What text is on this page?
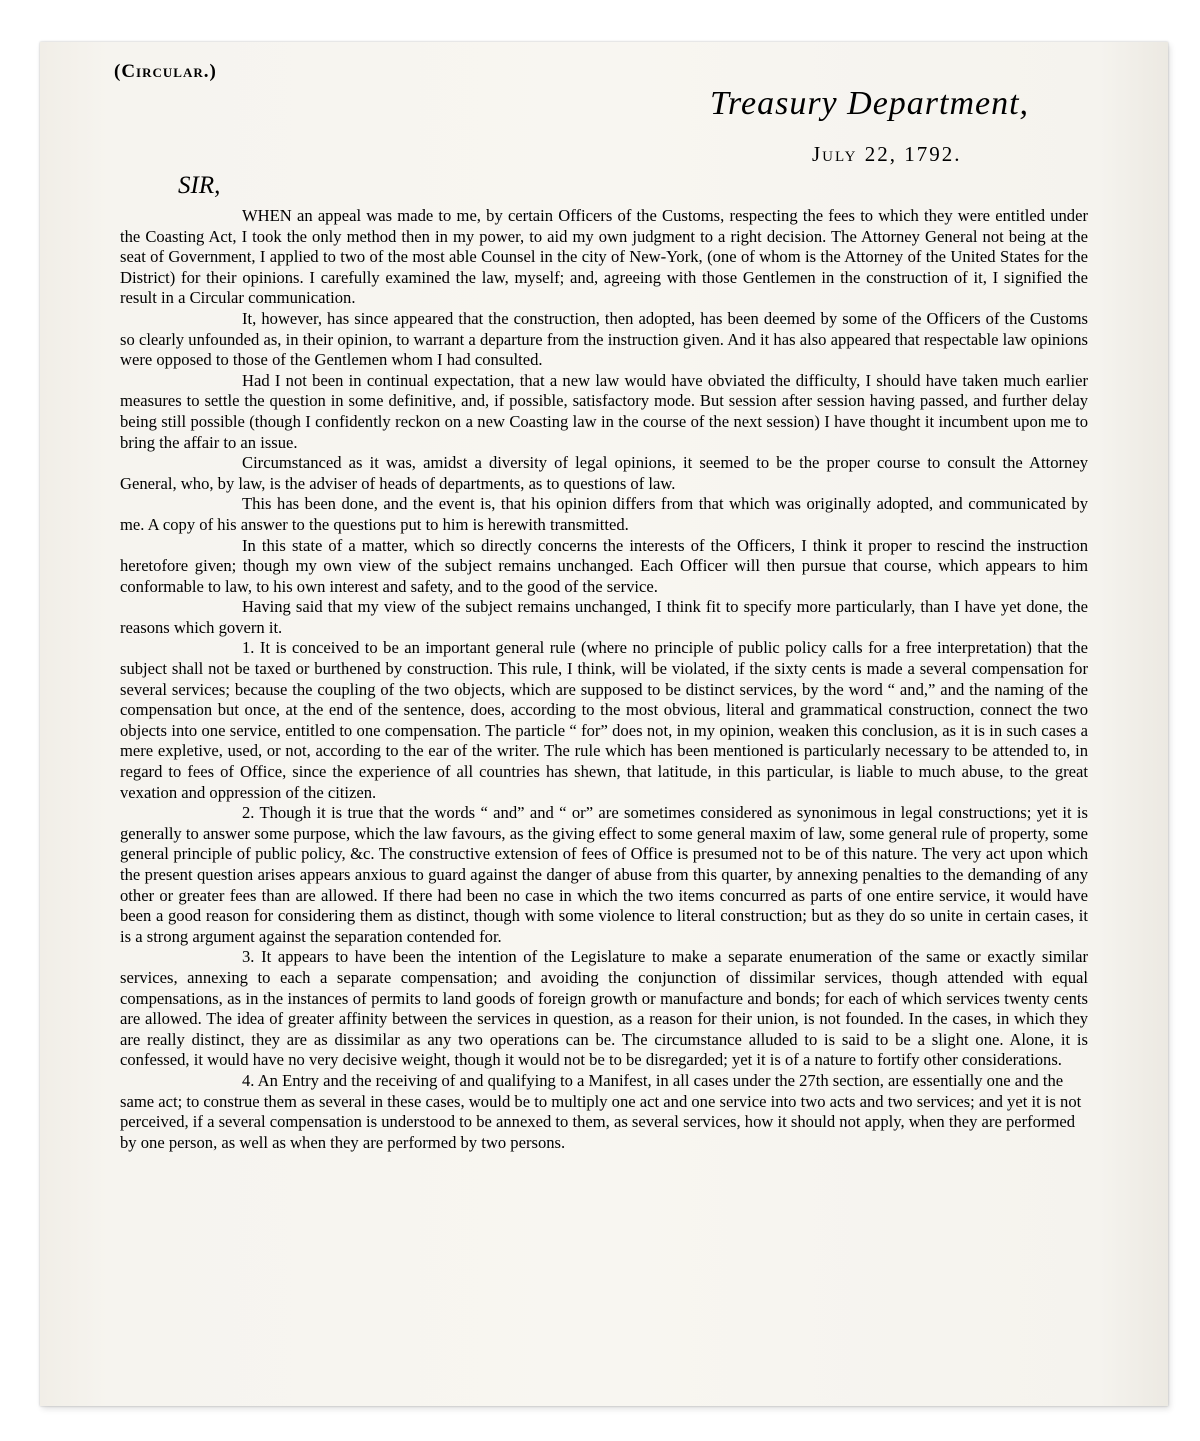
(Circular.)
Treasury Department,
July 22, 1792.
SIR,

WHEN an appeal was made to me, by certain Officers of the Customs, respecting the fees to which they were entitled under the Coasting Act, I took the only method then in my power, to aid my own judgment to a right decision. The Attorney General not being at the seat of Government, I applied to two of the most able Counsel in the city of New-York, (one of whom is the Attorney of the United States for the District) for their opinions. I carefully examined the law, myself; and, agreeing with those Gentlemen in the construction of it, I signified the result in a Circular communication.

It, however, has since appeared that the construction, then adopted, has been deemed by some of the Officers of the Customs so clearly unfounded as, in their opinion, to warrant a departure from the instruction given. And it has also appeared that respectable law opinions were opposed to those of the Gentlemen whom I had consulted.

Had I not been in continual expectation, that a new law would have obviated the difficulty, I should have taken much earlier measures to settle the question in some definitive, and, if possible, satisfactory mode. But session after session having passed, and further delay being still possible (though I confidently reckon on a new Coasting law in the course of the next session) I have thought it incumbent upon me to bring the affair to an issue.

Circumstanced as it was, amidst a diversity of legal opinions, it seemed to be the proper course to consult the Attorney General, who, by law, is the adviser of heads of departments, as to questions of law.

This has been done, and the event is, that his opinion differs from that which was originally adopted, and communicated by me. A copy of his answer to the questions put to him is herewith transmitted.

In this state of a matter, which so directly concerns the interests of the Officers, I think it proper to rescind the instruction heretofore given; though my own view of the subject remains unchanged. Each Officer will then pursue that course, which appears to him conformable to law, to his own interest and safety, and to the good of the service.

Having said that my view of the subject remains unchanged, I think fit to specify more particularly, than I have yet done, the reasons which govern it.

1. It is conceived to be an important general rule (where no principle of public policy calls for a free interpretation) that the subject shall not be taxed or burthened by construction. This rule, I think, will be violated, if the sixty cents is made a several compensation for several services; because the coupling of the two objects, which are supposed to be distinct services, by the word “ and,” and the naming of the compensation but once, at the end of the sentence, does, according to the most obvious, literal and grammatical construction, connect the two objects into one service, entitled to one compensation. The particle “ for” does not, in my opinion, weaken this conclusion, as it is in such cases a mere expletive, used, or not, according to the ear of the writer. The rule which has been mentioned is particularly necessary to be attended to, in regard to fees of Office, since the experience of all countries has shewn, that latitude, in this particular, is liable to much abuse, to the great vexation and oppression of the citizen.

2. Though it is true that the words “ and” and “ or” are sometimes considered as synonimous in legal constructions; yet it is generally to answer some purpose, which the law favours, as the giving effect to some general maxim of law, some general rule of property, some general principle of public policy, &c. The constructive extension of fees of Office is presumed not to be of this nature. The very act upon which the present question arises appears anxious to guard against the danger of abuse from this quarter, by annexing penalties to the demanding of any other or greater fees than are allowed. If there had been no case in which the two items concurred as parts of one entire service, it would have been a good reason for considering them as distinct, though with some violence to literal construction; but as they do so unite in certain cases, it is a strong argument against the separation contended for.

3. It appears to have been the intention of the Legislature to make a separate enumeration of the same or exactly similar services, annexing to each a separate compensation; and avoiding the conjunction of dissimilar services, though attended with equal compensations, as in the instances of permits to land goods of foreign growth or manufacture and bonds; for each of which services twenty cents are allowed. The idea of greater affinity between the services in question, as a reason for their union, is not founded. In the cases, in which they are really distinct, they are as dissimilar as any two operations can be. The circumstance alluded to is said to be a slight one. Alone, it is confessed, it would have no very decisive weight, though it would not be to be disregarded; yet it is of a nature to fortify other considerations.

4. An Entry and the receiving of and qualifying to a Manifest, in all cases under the 27th section, are essentially one and the same act; to construe them as several in these cases, would be to multiply one act and one service into two acts and two services; and yet it is not perceived, if a several compensation is understood to be annexed to them, as several services, how it should not apply, when they are performed by one person, as well as when they are performed by two persons.
